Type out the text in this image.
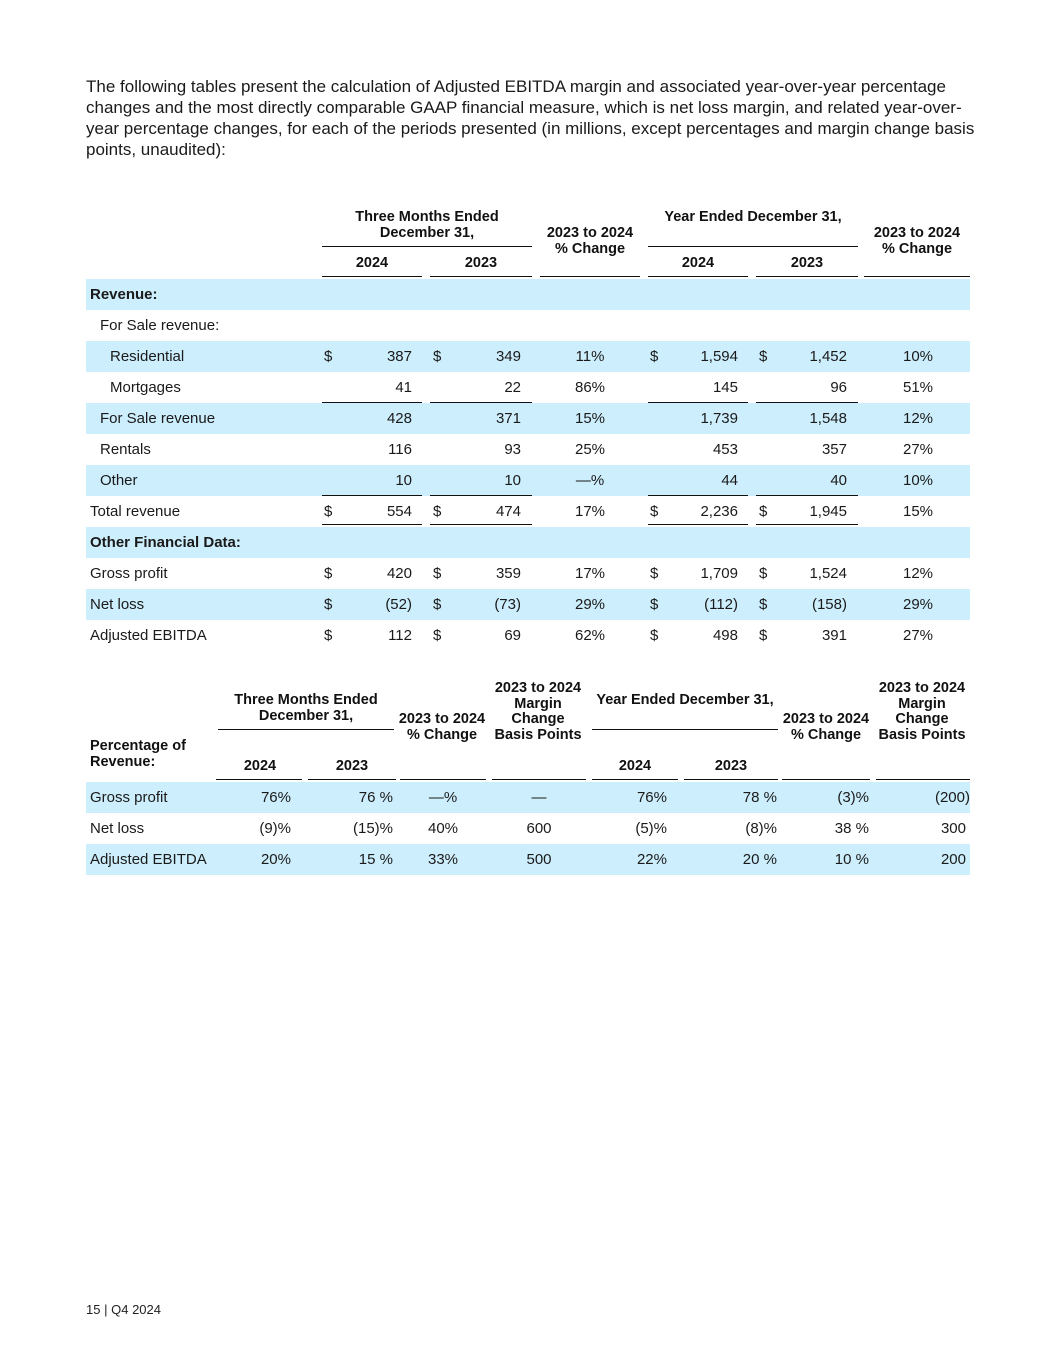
The following tables present the calculation of Adjusted EBITDA margin and associated year-over-year percentage changes and the most directly comparable GAAP financial measure, which is net loss margin, and related year-over-year percentage changes, for each of the periods presented (in millions, except percentages and margin change basis points, unaudited):

Three Months Ended December 31,
2024	2023
2023 to 2024 % Change
Year Ended December 31,
2024	2023
2023 to 2024 % Change
Revenue:
For Sale revenue:
Residential	$	387 $	349	11%	$	1,594 $	1,452	10%
Mortgages	41	22	86%	145	96	51%
For Sale revenue	428	371	15%	1,739	1,548	12%
Rentals	116	93	25%	453	357	27%
Other	10	10	—%	44	40	10%
Total revenue	$	554 $	474	17%	$	2,236 $	1,945	15%
Other Financial Data:
Gross profit	$	420 $	359	17%	$	1,709 $	1,524	12%
Net loss	$	(52) $	(73)	29%	$	(112) $	(158)	29%
Adjusted EBITDA	$	112 $	69	62%	$	498 $	391	27%
Percentage of Revenue:
Three Months Ended December 31,
2024	2023
2023 to 2024 % Change
2023 to 2024 Margin Change Basis Points
Year Ended December 31,
2024	2023
2023 to 2024 % Change
2023 to 2024 Margin Change Basis Points
Gross profit	76%	76 %	—%	—	76%	78 %	(3)%	(200)
Net loss	(9)%	(15)%	40%	600	(5)%	(8)%	38 %	300
Adjusted EBITDA	20%	15 %	33%	500	22%	20 %	10 %	200
15 | Q4 2024
